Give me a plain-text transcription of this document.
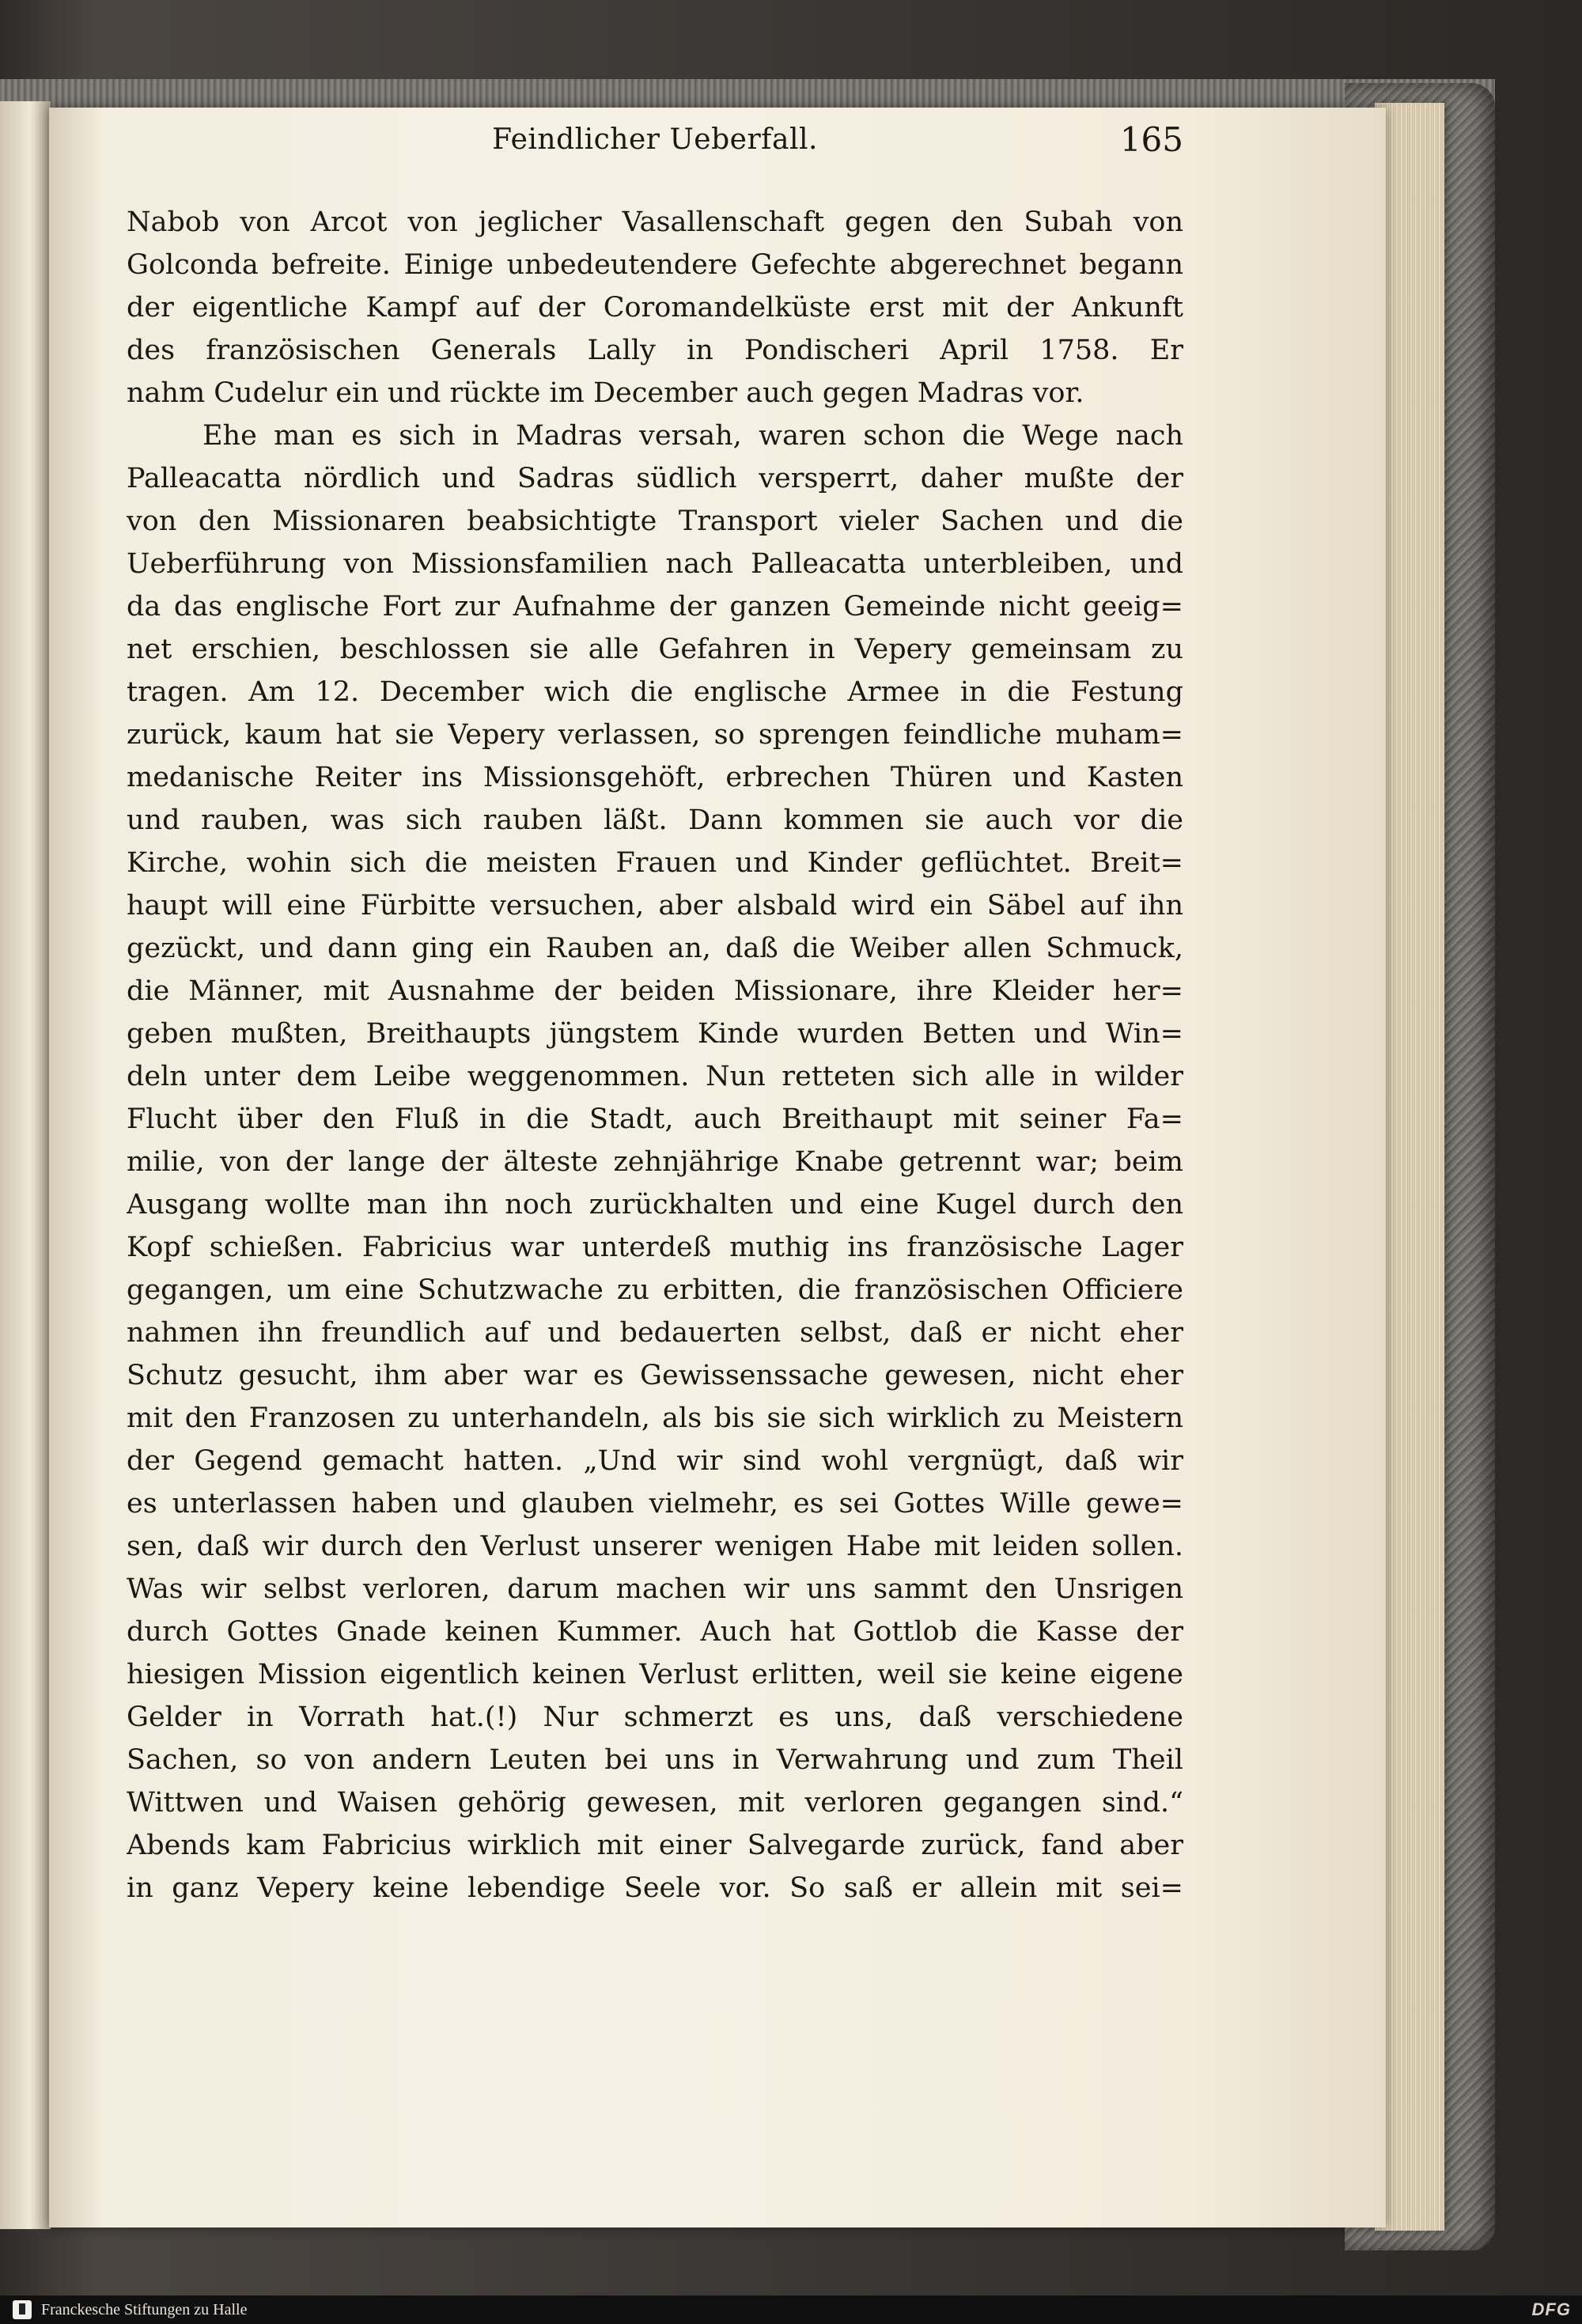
Feindlicher Ueberfall.	165
Nabob von Arcot von jeglicher Vasallenschaft gegen den Subah von
Golconda befreite. Einige unbedeutendere Gefechte abgerechnet begann
der eigentliche Kampf auf der Coromandelküste erst mit der Ankunft
des französischen Generals Lally in Pondischeri April 1758. Er
nahm Cudelur ein und rückte im December auch gegen Madras vor.
Ehe man es sich in Madras versah, waren schon die Wege nach
Palleacatta nördlich und Sadras südlich versperrt, daher mußte der
von den Missionaren beabsichtigte Transport vieler Sachen und die
Ueberführung von Missionsfamilien nach Palleacatta unterbleiben, und
da das englische Fort zur Aufnahme der ganzen Gemeinde nicht geeig=
net erschien, beschlossen sie alle Gefahren in Vepery gemeinsam zu
tragen. Am 12. December wich die englische Armee in die Festung
zurück, kaum hat sie Vepery verlassen, so sprengen feindliche muham=
medanische Reiter ins Missionsgehöft, erbrechen Thüren und Kasten
und rauben, was sich rauben läßt. Dann kommen sie auch vor die
Kirche, wohin sich die meisten Frauen und Kinder geflüchtet. Breit=
haupt will eine Fürbitte versuchen, aber alsbald wird ein Säbel auf ihn
gezückt, und dann ging ein Rauben an, daß die Weiber allen Schmuck,
die Männer, mit Ausnahme der beiden Missionare, ihre Kleider her=
geben mußten, Breithaupts jüngstem Kinde wurden Betten und Win=
deln unter dem Leibe weggenommen. Nun retteten sich alle in wilder
Flucht über den Fluß in die Stadt, auch Breithaupt mit seiner Fa=
milie, von der lange der älteste zehnjährige Knabe getrennt war; beim
Ausgang wollte man ihn noch zurückhalten und eine Kugel durch den
Kopf schießen. Fabricius war unterdeß muthig ins französische Lager
gegangen, um eine Schutzwache zu erbitten, die französischen Officiere
nahmen ihn freundlich auf und bedauerten selbst, daß er nicht eher
Schutz gesucht, ihm aber war es Gewissenssache gewesen, nicht eher
mit den Franzosen zu unterhandeln, als bis sie sich wirklich zu Meistern
der Gegend gemacht hatten. „Und wir sind wohl vergnügt, daß wir
es unterlassen haben und glauben vielmehr, es sei Gottes Wille gewe=
sen, daß wir durch den Verlust unserer wenigen Habe mit leiden sollen.
Was wir selbst verloren, darum machen wir uns sammt den Unsrigen
durch Gottes Gnade keinen Kummer. Auch hat Gottlob die Kasse der
hiesigen Mission eigentlich keinen Verlust erlitten, weil sie keine eigene
Gelder in Vorrath hat.(!) Nur schmerzt es uns, daß verschiedene
Sachen, so von andern Leuten bei uns in Verwahrung und zum Theil
Wittwen und Waisen gehörig gewesen, mit verloren gegangen sind.“
Abends kam Fabricius wirklich mit einer Salvegarde zurück, fand aber
in ganz Vepery keine lebendige Seele vor. So saß er allein mit sei=
Franckesche Stiftungen zu Halle	DFG
